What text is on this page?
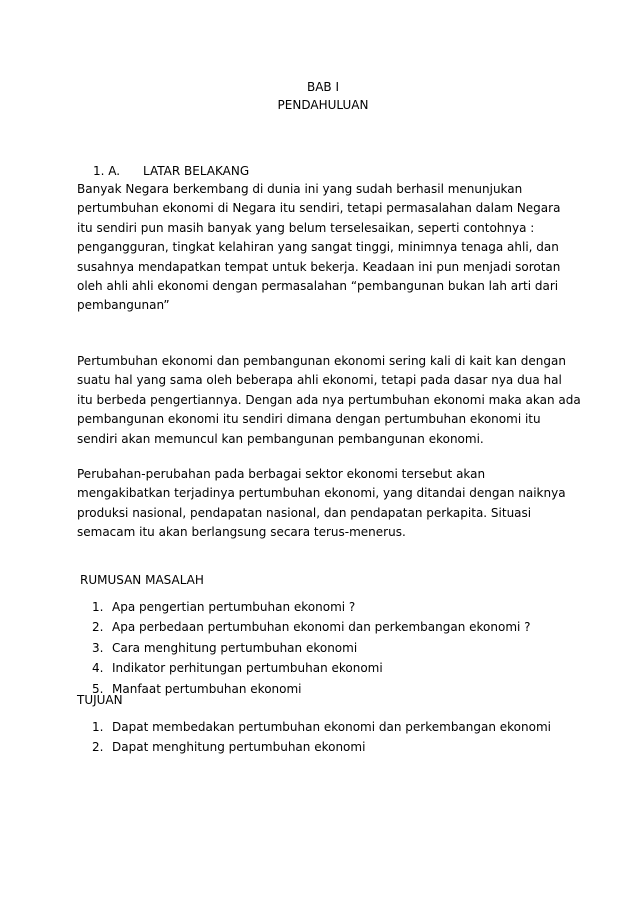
BAB I
PENDAHULUAN
1. A.	LATAR BELAKANG

Banyak Negara berkembang di dunia ini yang sudah berhasil menunjukan
pertumbuhan ekonomi di Negara itu sendiri, tetapi permasalahan dalam Negara
itu sendiri pun masih banyak yang belum terselesaikan, seperti contohnya :
pengangguran, tingkat kelahiran yang sangat tinggi, minimnya tenaga ahli, dan
susahnya mendapatkan tempat untuk bekerja. Keadaan ini pun menjadi sorotan
oleh ahli ahli ekonomi dengan permasalahan “pembangunan bukan lah arti dari
pembangunan”

Pertumbuhan ekonomi dan pembangunan ekonomi sering kali di kait kan dengan
suatu hal yang sama oleh beberapa ahli ekonomi, tetapi pada dasar nya dua hal
itu berbeda pengertiannya. Dengan ada nya pertumbuhan ekonomi maka akan ada
pembangunan ekonomi itu sendiri dimana dengan pertumbuhan ekonomi itu
sendiri akan memuncul kan pembangunan pembangunan ekonomi.

Perubahan-perubahan pada berbagai sektor ekonomi tersebut akan
mengakibatkan terjadinya pertumbuhan ekonomi, yang ditandai dengan naiknya
produksi nasional, pendapatan nasional, dan pendapatan perkapita. Situasi
semacam itu akan berlangsung secara terus-menerus.

RUMUSAN MASALAH
1. Apa pengertian pertumbuhan ekonomi ?
2. Apa perbedaan pertumbuhan ekonomi dan perkembangan ekonomi ?
3. Cara menghitung pertumbuhan ekonomi
4. Indikator perhitungan pertumbuhan ekonomi
5. Manfaat pertumbuhan ekonomi
TUJUAN
1. Dapat membedakan pertumbuhan ekonomi dan perkembangan ekonomi
2. Dapat menghitung pertumbuhan ekonomi
